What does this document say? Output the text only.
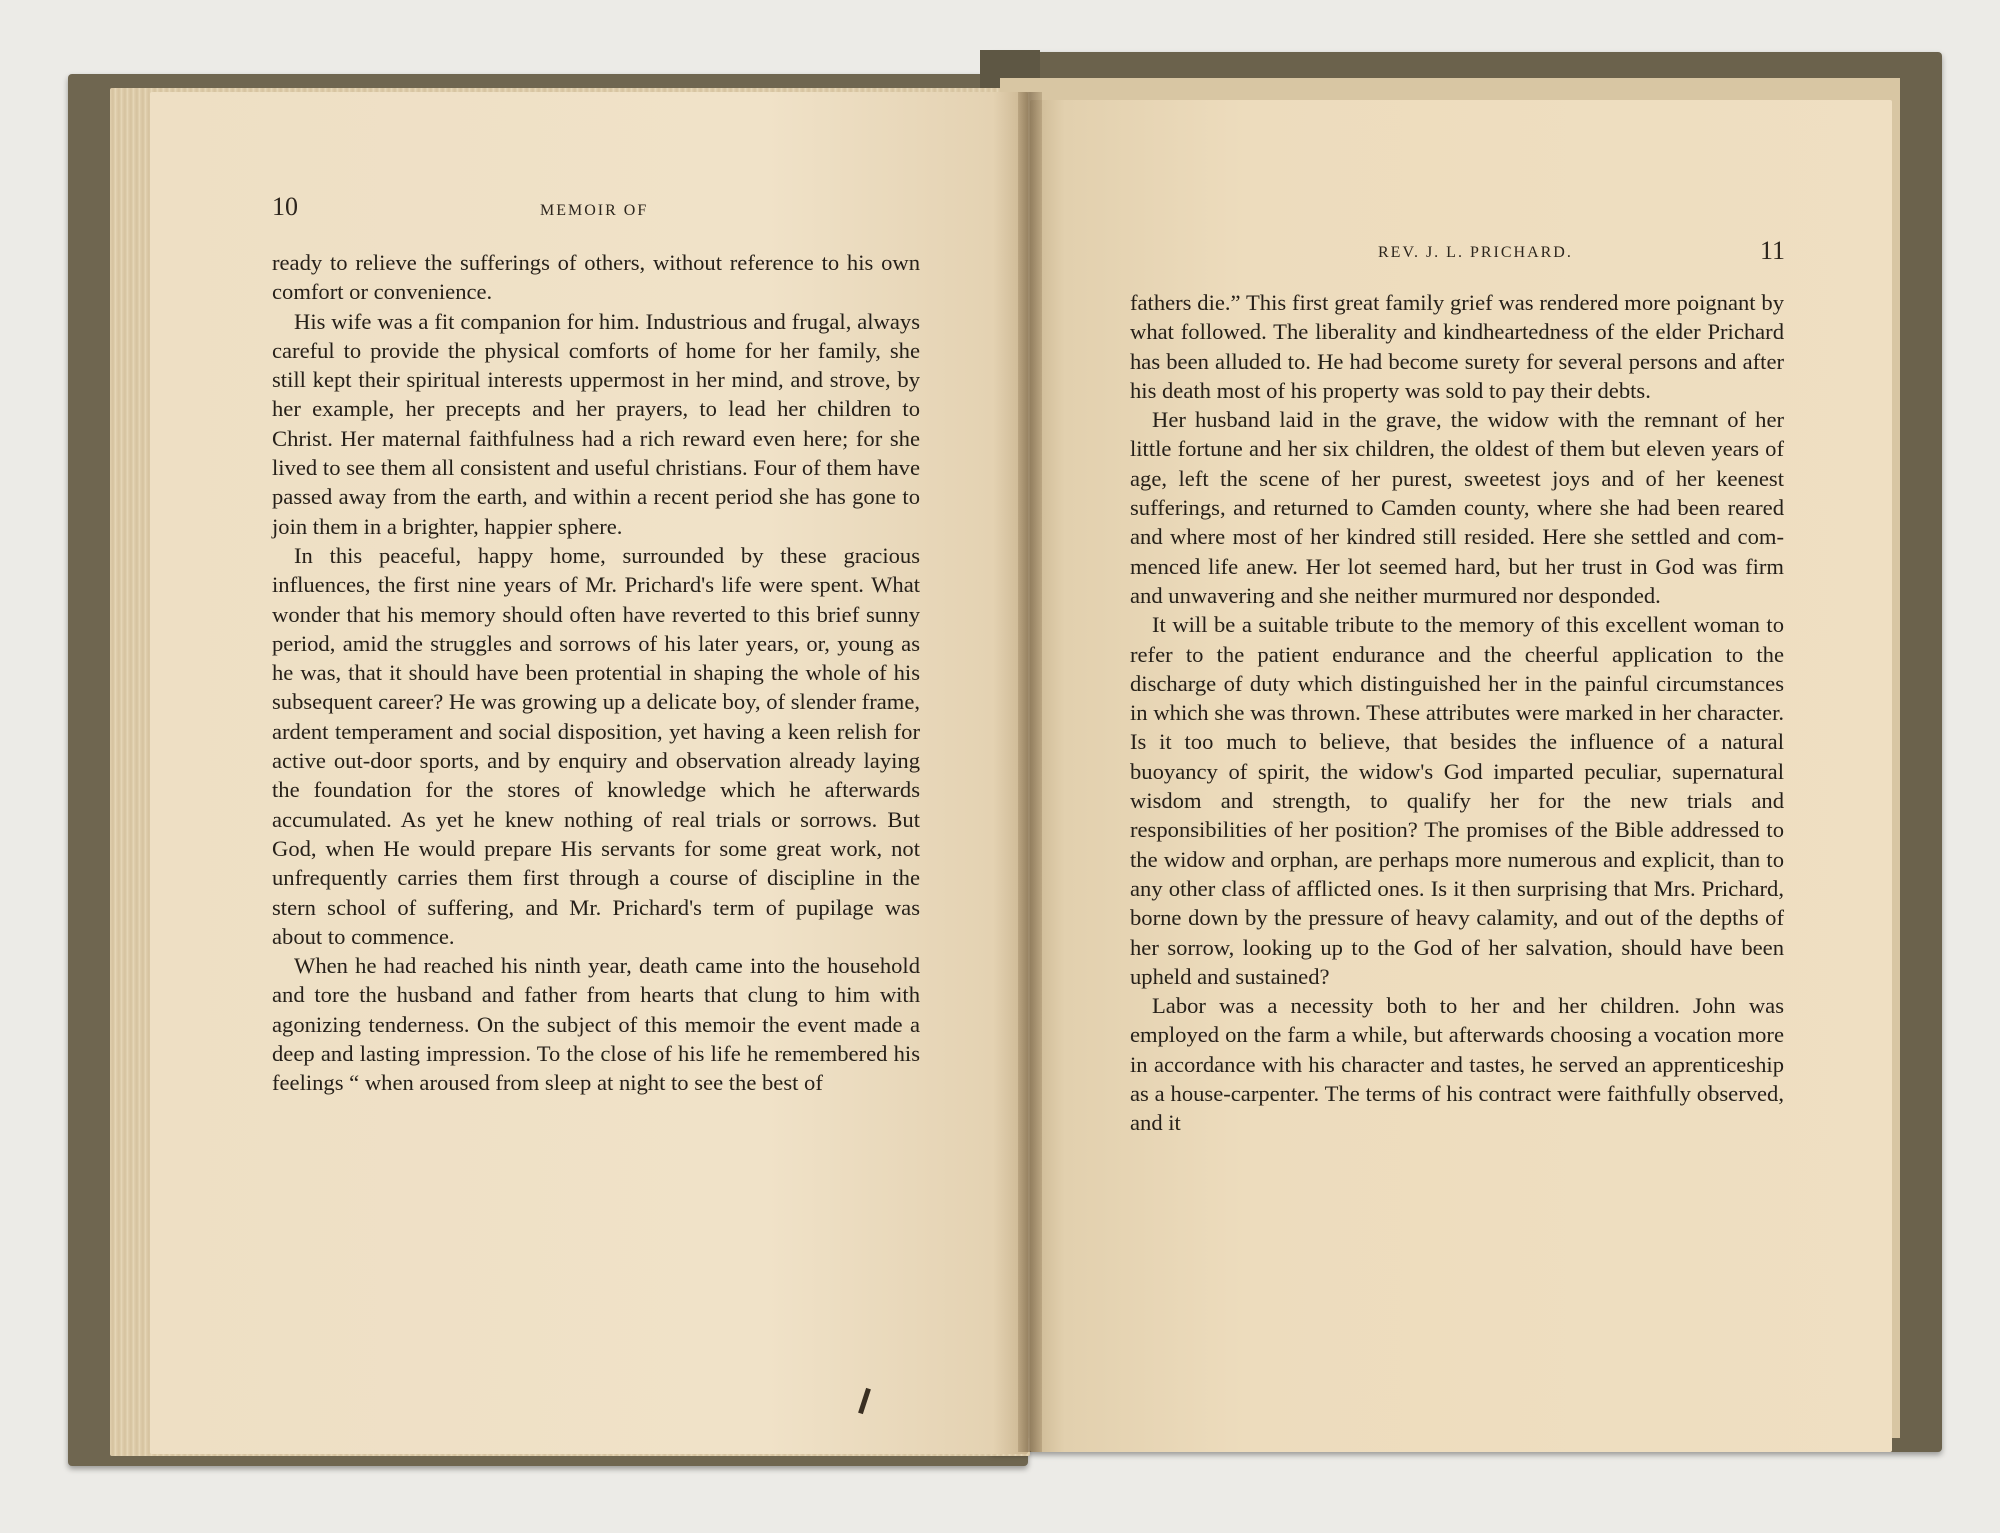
10	MEMOIR OF

ready to relieve the sufferings of others, without reference to his own comfort or convenience.

His wife was a fit companion for him. Industrious and frugal, always careful to provide the physical comforts of home for her family, she still kept their spiritual interests uppermost in her mind, and strove, by her example, her precepts and her prayers, to lead her children to Christ. Her maternal faithfulness had a rich reward even here; for she lived to see them all consistent and useful christians. Four of them have passed away from the earth, and within a recent period she has gone to join them in a brighter, happier sphere.

In this peaceful, happy home, surrounded by these gracious influences, the first nine years of Mr. Prichard's life were spent. What wonder that his memory should often have reverted to this brief sunny period, amid the struggles and sorrows of his later years, or, young as he was, that it should have been protential in shaping the whole of his subsequent career? He was growing up a delicate boy, of slender frame, ardent temperament and social disposition, yet having a keen relish for active out-door sports, and by enquiry and observation already laying the foundation for the stores of knowledge which he afterwards accumulated. As yet he knew nothing of real trials or sorrows. But God, when He would prepare His servants for some great work, not unfrequently carries them first through a course of discipline in the stern school of suffering, and Mr. Prichard's term of pupilage was about to commence.

When he had reached his ninth year, death came into the household and tore the husband and father from hearts that clung to him with agonizing tenderness. On the subject of this memoir the event made a deep and lasting impression. To the close of his life he remembered his feelings “ when aroused from sleep at night to see the best of

REV. J. L. PRICHARD.	11

fathers die.” This first great family grief was rendered more poignant by what followed. The liberality and kindheartedness of the elder Prichard has been alluded to. He had become surety for several persons and after his death most of his property was sold to pay their debts.

Her husband laid in the grave, the widow with the remnant of her little fortune and her six children, the oldest of them but eleven years of age, left the scene of her purest, sweetest joys and of her keenest sufferings, and returned to Camden county, where she had been reared and where most of her kindred still resided. Here she settled and commenced life anew. Her lot seemed hard, but her trust in God was firm and unwavering and she neither murmured nor desponded.

It will be a suitable tribute to the memory of this excellent woman to refer to the patient endurance and the cheerful application to the discharge of duty which distinguished her in the painful circumstances in which she was thrown. These attributes were marked in her character. Is it too much to believe, that besides the influence of a natural buoyancy of spirit, the widow's God imparted peculiar, supernatural wisdom and strength, to qualify her for the new trials and responsibilities of her position? The promises of the Bible addressed to the widow and orphan, are perhaps more numerous and explicit, than to any other class of afflicted ones. Is it then surprising that Mrs. Prichard, borne down by the pressure of heavy calamity, and out of the depths of her sorrow, looking up to the God of her salvation, should have been upheld and sustained?

Labor was a necessity both to her and her children. John was employed on the farm a while, but afterwards choosing a vocation more in accordance with his character and tastes, he served an apprenticeship as a house-carpenter. The terms of his contract were faithfully observed, and it
